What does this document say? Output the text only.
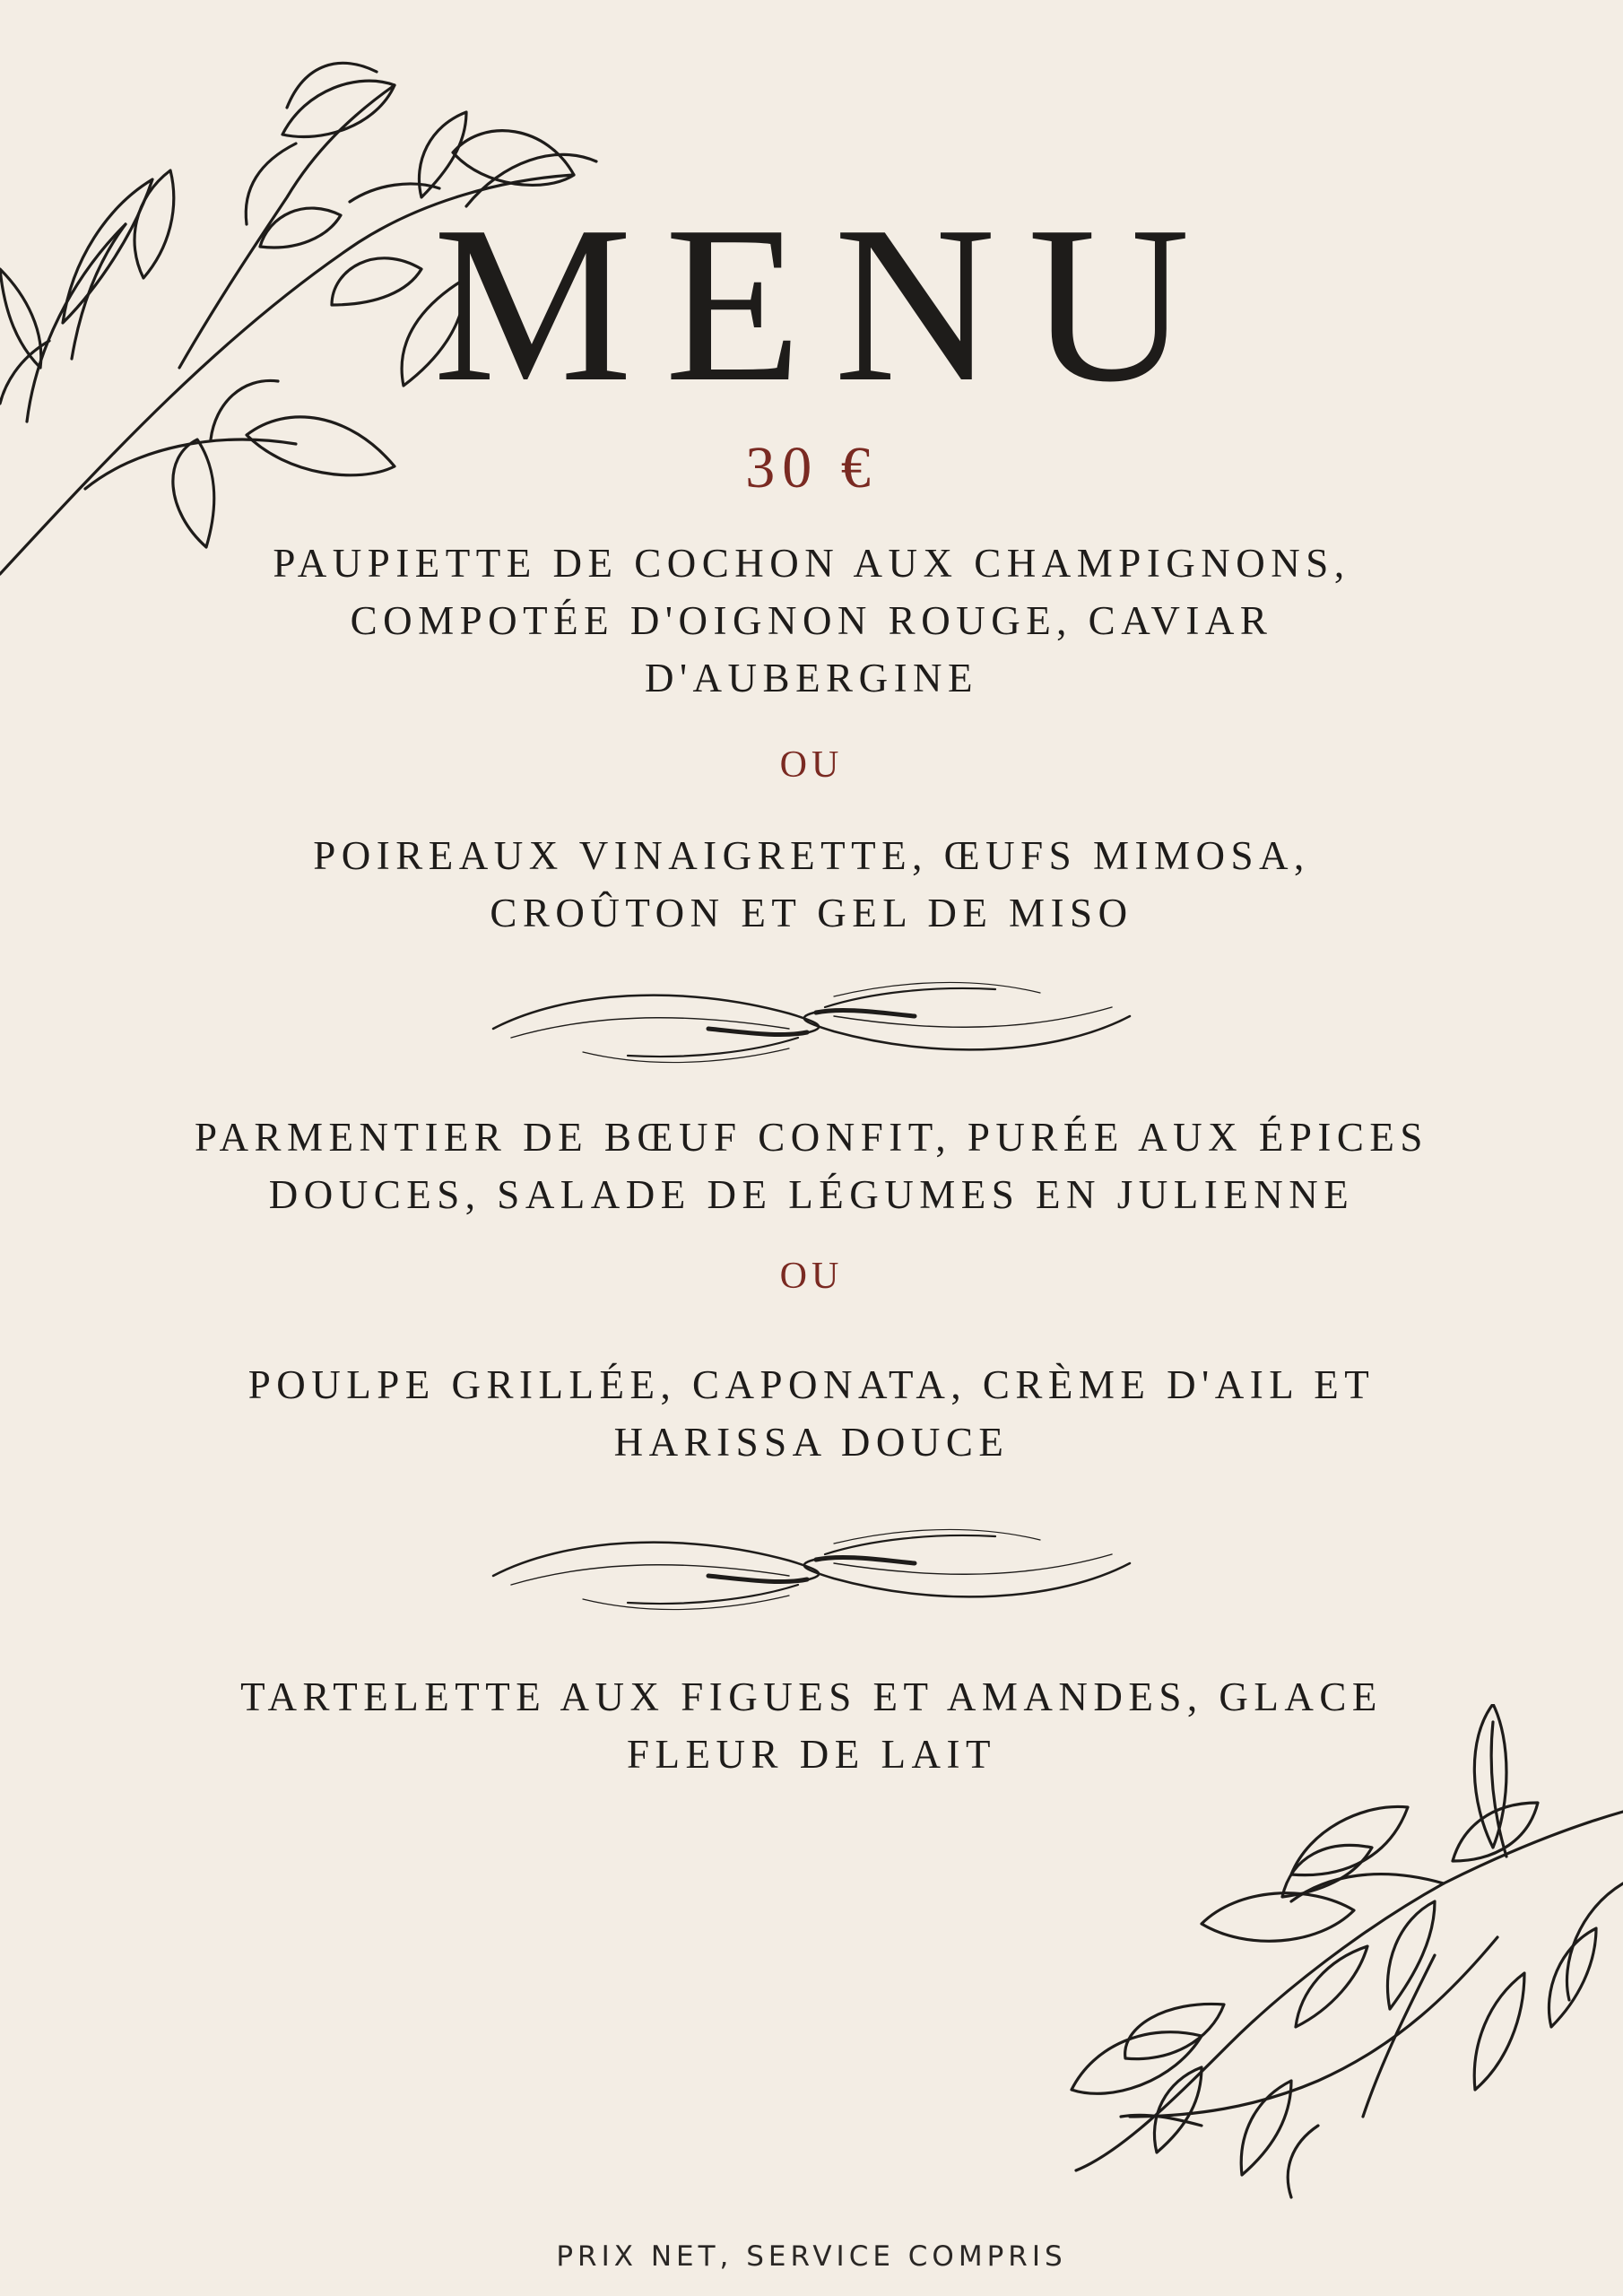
MENU
30 €
PAUPIETTE DE COCHON AUX CHAMPIGNONS,
COMPOTÉE D'OIGNON ROUGE, CAVIAR
D'AUBERGINE
OU
POIREAUX VINAIGRETTE, ŒUFS MIMOSA,
CROÛTON ET GEL DE MISO
PARMENTIER DE BŒUF CONFIT, PURÉE AUX ÉPICES
DOUCES, SALADE DE LÉGUMES EN JULIENNE
OU
POULPE GRILLÉE, CAPONATA, CRÈME D'AIL ET
HARISSA DOUCE
TARTELETTE AUX FIGUES ET AMANDES, GLACE
FLEUR DE LAIT
PRIX NET, SERVICE COMPRIS
